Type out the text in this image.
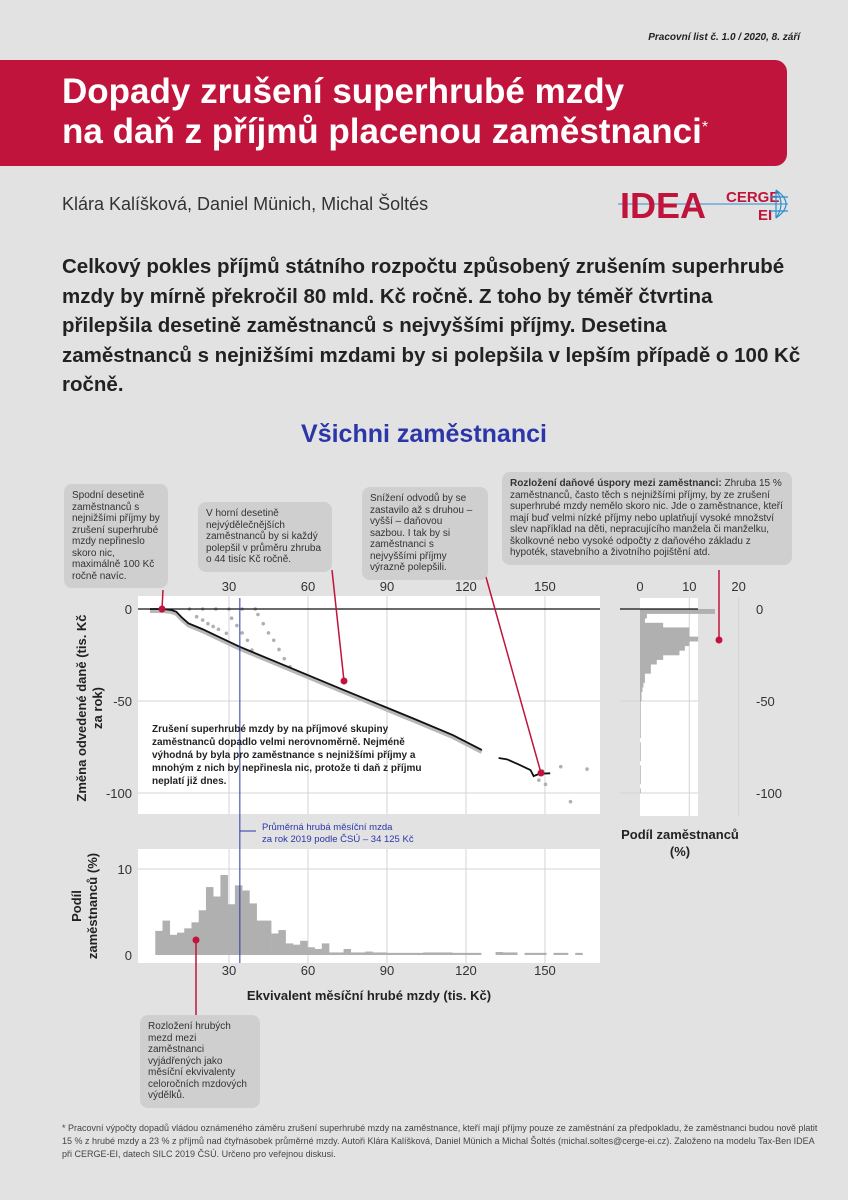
30
30
60
60
90
90
120
120
150
150
0	0
-50	-50
-100	-100
0
10
0	10	20
Pracovní list č. 1.0 / 2020, 8. září
Dopady zrušení superhrubé mzdy
na daň z příjmů placenou zaměstnanci*
Klára Kalíšková, Daniel Münich, Michal Šoltés	IDEA CERGE
EI
Celkový pokles příjmů státního rozpočtu způsobený zrušením superhrubé mzdy by mírně překročil 80 mld. Kč ročně. Z toho by téměř čtvrtina přilepšila desetině zaměstnanců s nejvyššími příjmy. Desetina zaměstnanců s nejnižšími mzdami by si polepšila v lepším případě o 100 Kč ročně.
Všichni zaměstnanci
Spodní desetině zaměstnanců s nejnižšími příjmy by zrušení superhrubé mzdy nepřineslo skoro nic, maximálně 100 Kč ročně navíc.
V horní desetině nejvýdělečnějších zaměstnanců by si každý polepšil v průměru zhruba o 44 tisíc Kč ročně.
Snížení odvodů by se zastavilo až s druhou – vyšší – daňovou sazbou. I tak by si zaměstnanci s nejvyššími příjmy výrazně polepšili.
Rozložení daňové úspory mezi zaměstnanci: Zhruba 15 % zaměstnanců, často těch s nejnižšími příjmy, by ze zrušení superhrubé mzdy nemělo skoro nic. Jde o zaměstnance, kteří mají buď velmi nízké příjmy nebo uplatňují vysoké množství slev například na děti, nepracujícího manžela či manželku, školkovné nebo vysoké odpočty z daňového základu z hypoték, stavebního a životního pojištění atd.
Rozložení hrubých mezd mezi zaměstnanci vyjádřených jako měsíční ekvivalenty celoročních mzdových výdělků.
Zrušení superhrubé mzdy by na příjmové skupiny zaměstnanců dopadlo velmi nerovnoměrně. Nejméně výhodná by byla pro zaměstnance s nejnižšími příjmy a mnohým z nich by nepřinesla nic, protože ti daň z příjmu neplatí již dnes.
Průměrná hrubá měsíční mzda
za rok 2019 podle ČSÚ – 34 125 Kč
Změna odvedené daně (tis. Kč za rok)
Podíl zaměstnanců (%)
Ekvivalent měsíční hrubé mzdy (tis. Kč)
Podíl zaměstnanců (%)
* Pracovní výpočty dopadů vládou oznámeného záměru zrušení superhrubé mzdy na zaměstnance, kteří mají příjmy pouze ze zaměstnání za předpokladu, že zaměstnanci budou nově platit 15 % z hrubé mzdy a 23 % z příjmů nad čtyřnásobek průměrné mzdy. Autoři Klára Kalíšková, Daniel Münich a Michal Šoltés (michal.soltes@cerge-ei.cz). Založeno na modelu Tax-Ben IDEA při CERGE-EI, datech SILC 2019 ČSÚ. Určeno pro veřejnou diskusi.
